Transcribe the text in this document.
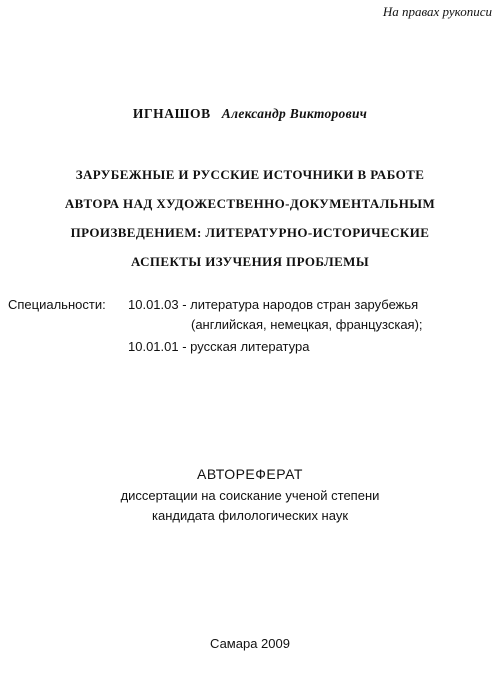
На правах рукописи
ИГНАШОВ Александр Викторович
ЗАРУБЕЖНЫЕ И РУССКИЕ ИСТОЧНИКИ В РАБОТЕ
АВТОРА НАД ХУДОЖЕСТВЕННО-ДОКУМЕНТАЛЬНЫМ
ПРОИЗВЕДЕНИЕМ: ЛИТЕРАТУРНО-ИСТОРИЧЕСКИЕ
АСПЕКТЫ ИЗУЧЕНИЯ ПРОБЛЕМЫ
Специальности: 10.01.03 - литература народов стран зарубежья
(английская, немецкая, французская);
10.01.01 - русская литература
АВТОРЕФЕРАТ
диссертации на соискание ученой степени
кандидата филологических наук
Самара 2009
